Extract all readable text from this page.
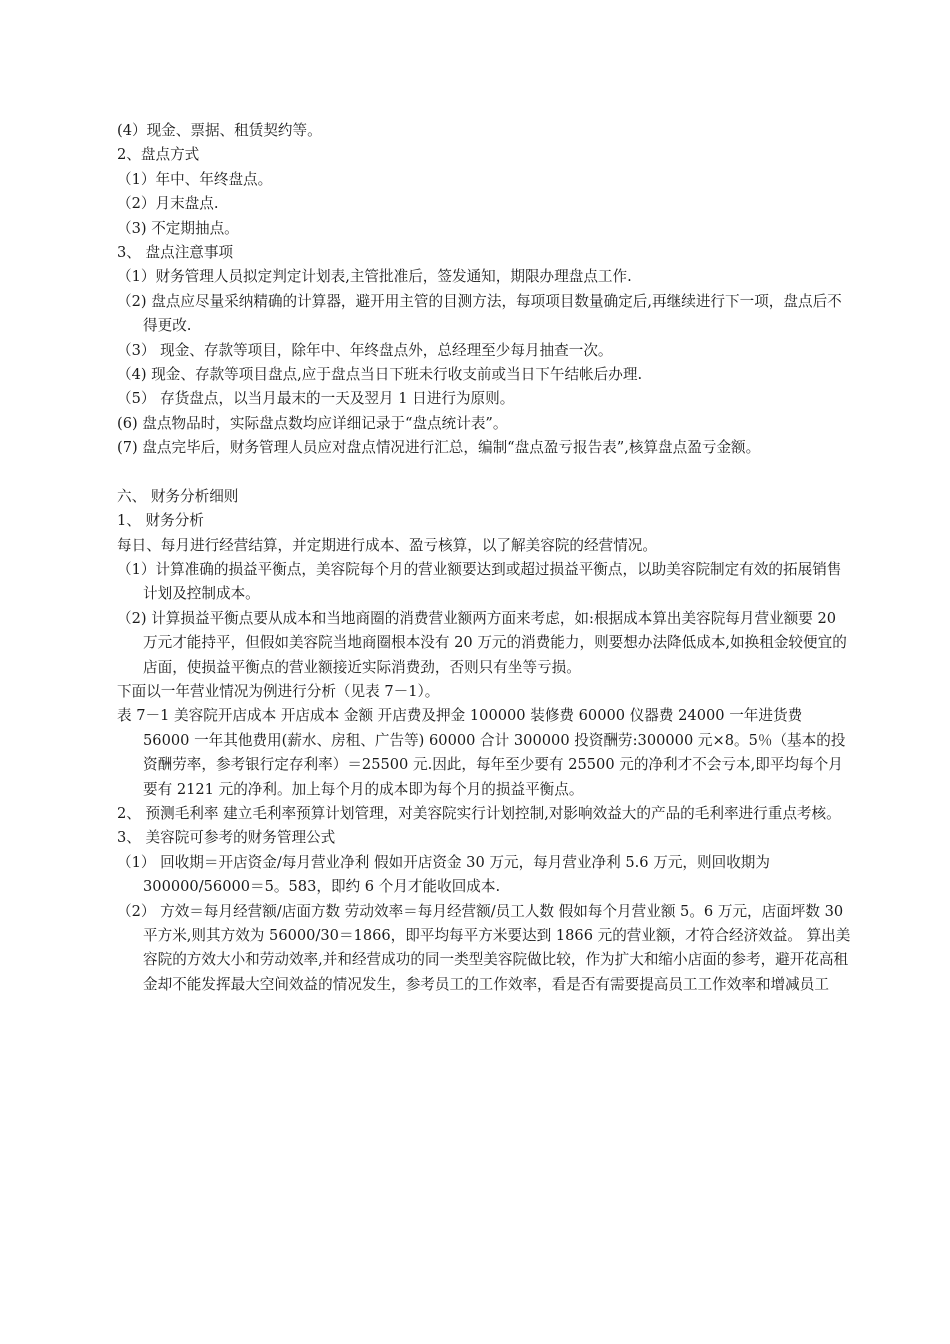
(4）现金、票据、租赁契约等。

2、盘点方式

（1）年中、年终盘点。

（2）月末盘点.

（3) 不定期抽点。

3、 盘点注意事项

（1）财务管理人员拟定判定计划表,主管批准后，签发通知，期限办理盘点工作.

（2) 盘点应尽量采纳精确的计算器，避开用主管的目测方法，每项项目数量确定后,再继续进行下一项，盘点后不得更改.

（3） 现金、存款等项目，除年中、年终盘点外，总经理至少每月抽查一次。

（4) 现金、存款等项目盘点,应于盘点当日下班未行收支前或当日下午结帐后办理.

（5） 存货盘点，以当月最末的一天及翌月 1 日进行为原则。

(6) 盘点物品时，实际盘点数均应详细记录于“盘点统计表”。

(7) 盘点完毕后，财务管理人员应对盘点情况进行汇总，编制“盘点盈亏报告表”,核算盘点盈亏金额。

六、 财务分析细则

1、 财务分析

每日、每月进行经营结算，并定期进行成本、盈亏核算，以了解美容院的经营情况。

（1）计算准确的损益平衡点，美容院每个月的营业额要达到或超过损益平衡点，以助美容院制定有效的拓展销售计划及控制成本。

（2) 计算损益平衡点要从成本和当地商圈的消费营业额两方面来考虑，如:根据成本算出美容院每月营业额要 20 万元才能持平，但假如美容院当地商圈根本没有 20 万元的消费能力，则要想办法降低成本,如换租金较便宜的店面，使损益平衡点的营业额接近实际消费劲，否则只有坐等亏损。

下面以一年营业情况为例进行分析（见表 7－1）。

表 7－1 美容院开店成本 开店成本 金额 开店费及押金 100000 装修费 60000 仪器费 24000 一年进货费 56000 一年其他费用(薪水、房租、广告等) 60000 合计 300000 投资酬劳:300000 元×8。5％（基本的投资酬劳率，参考银行定存利率）＝25500 元.因此，每年至少要有 25500 元的净利才不会亏本,即平均每个月要有 2121 元的净利。加上每个月的成本即为每个月的损益平衡点。

2、 预测毛利率 建立毛利率预算计划管理，对美容院实行计划控制,对影响效益大的产品的毛利率进行重点考核。

3、 美容院可参考的财务管理公式

（1） 回收期＝开店资金/每月营业净利 假如开店资金 30 万元，每月营业净利 5.6 万元，则回收期为 300000/56000＝5。583，即约 6 个月才能收回成本.

（2） 方效＝每月经营额/店面方数 劳动效率＝每月经营额/员工人数 假如每个月营业额 5。6 万元，店面坪数 30 平方米,则其方效为 56000/30＝1866，即平均每平方米要达到 1866 元的营业额，才符合经济效益。 算出美容院的方效大小和劳动效率,并和经营成功的同一类型美容院做比较，作为扩大和缩小店面的参考，避开花高租金却不能发挥最大空间效益的情况发生，参考员工的工作效率，看是否有需要提高员工工作效率和增减员工
